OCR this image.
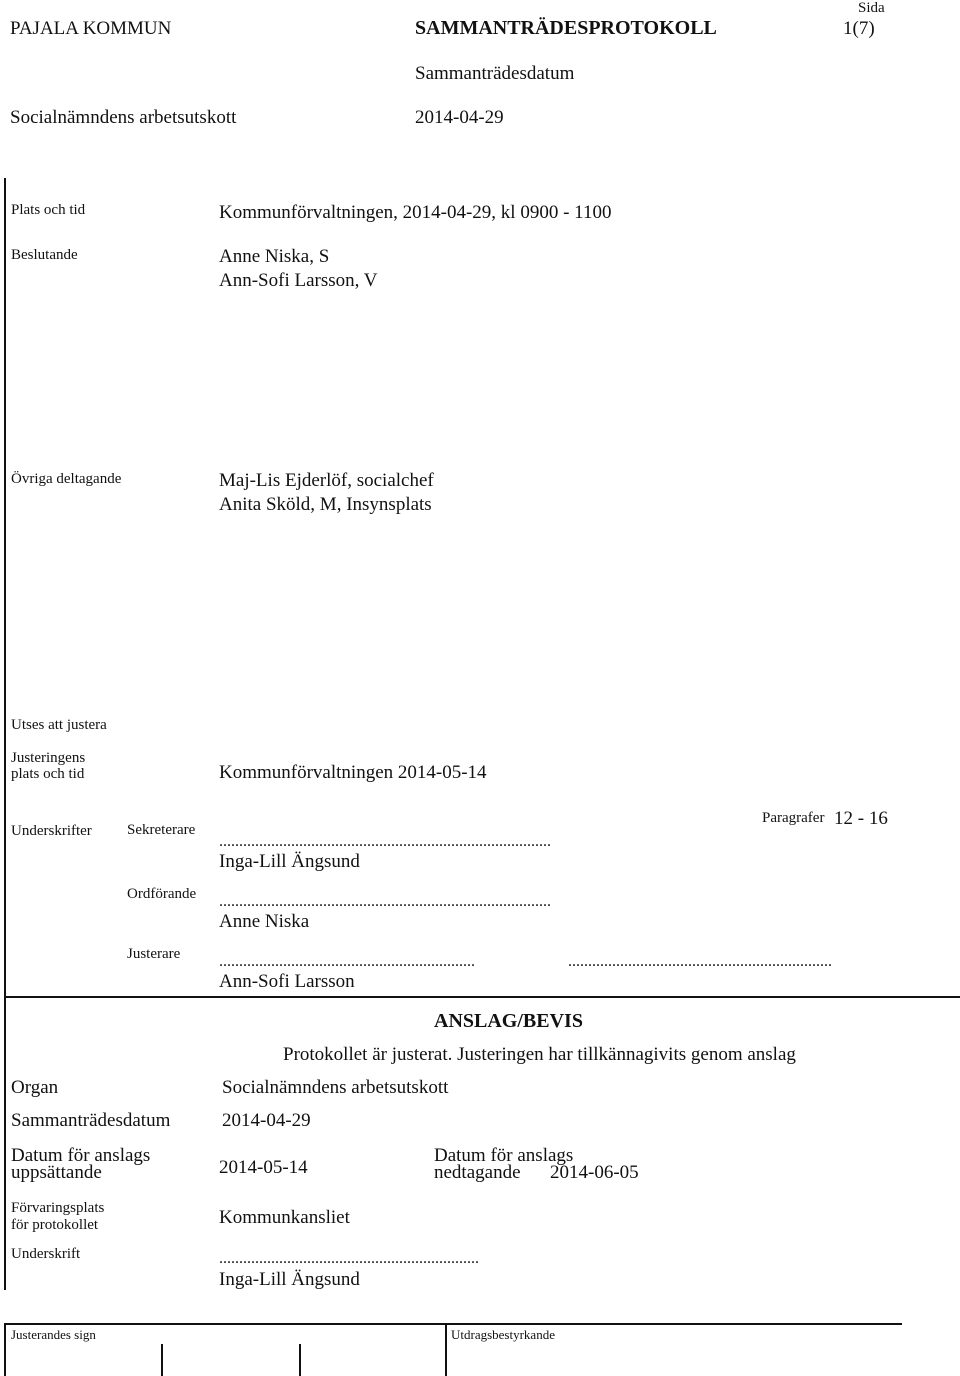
PAJALA KOMMUN	SAMMANTRÄDESPROTOKOLL
Sida
1(7)
Sammanträdesdatum
Socialnämndens arbetsutskott	2014-04-29
Plats och tid	Kommunförvaltningen, 2014-04-29, kl 0900 - 1100
Beslutande	Anne Niska, S
Ann-Sofi Larsson, V
Övriga deltagande	Maj-Lis Ejderlöf, socialchef
Anita Sköld, M, Insynsplats
Utses att justera
Justeringens
plats och tid	Kommunförvaltningen 2014-05-14
Underskrifter Sekreterare
...................................................................................
Inga-Lill Ängsund
Paragrafer 12 - 16
Ordförande ...................................................................................
Anne Niska
Justerare ................................................................	..................................................................
Ann-Sofi Larsson
ANSLAG/BEVIS
Protokollet är justerat. Justeringen har tillkännagivits genom anslag
Organ	Socialnämndens arbetsutskott
Sammanträdesdatum	2014-04-29
Datum för anslags
uppsättande	2014-05-14
Datum för anslags
nedtagande 2014-06-05
Förvaringsplats
för protokollet	Kommunkansliet
Underskrift	.................................................................
Inga-Lill Ängsund
Justerandes sign	Utdragsbestyrkande
